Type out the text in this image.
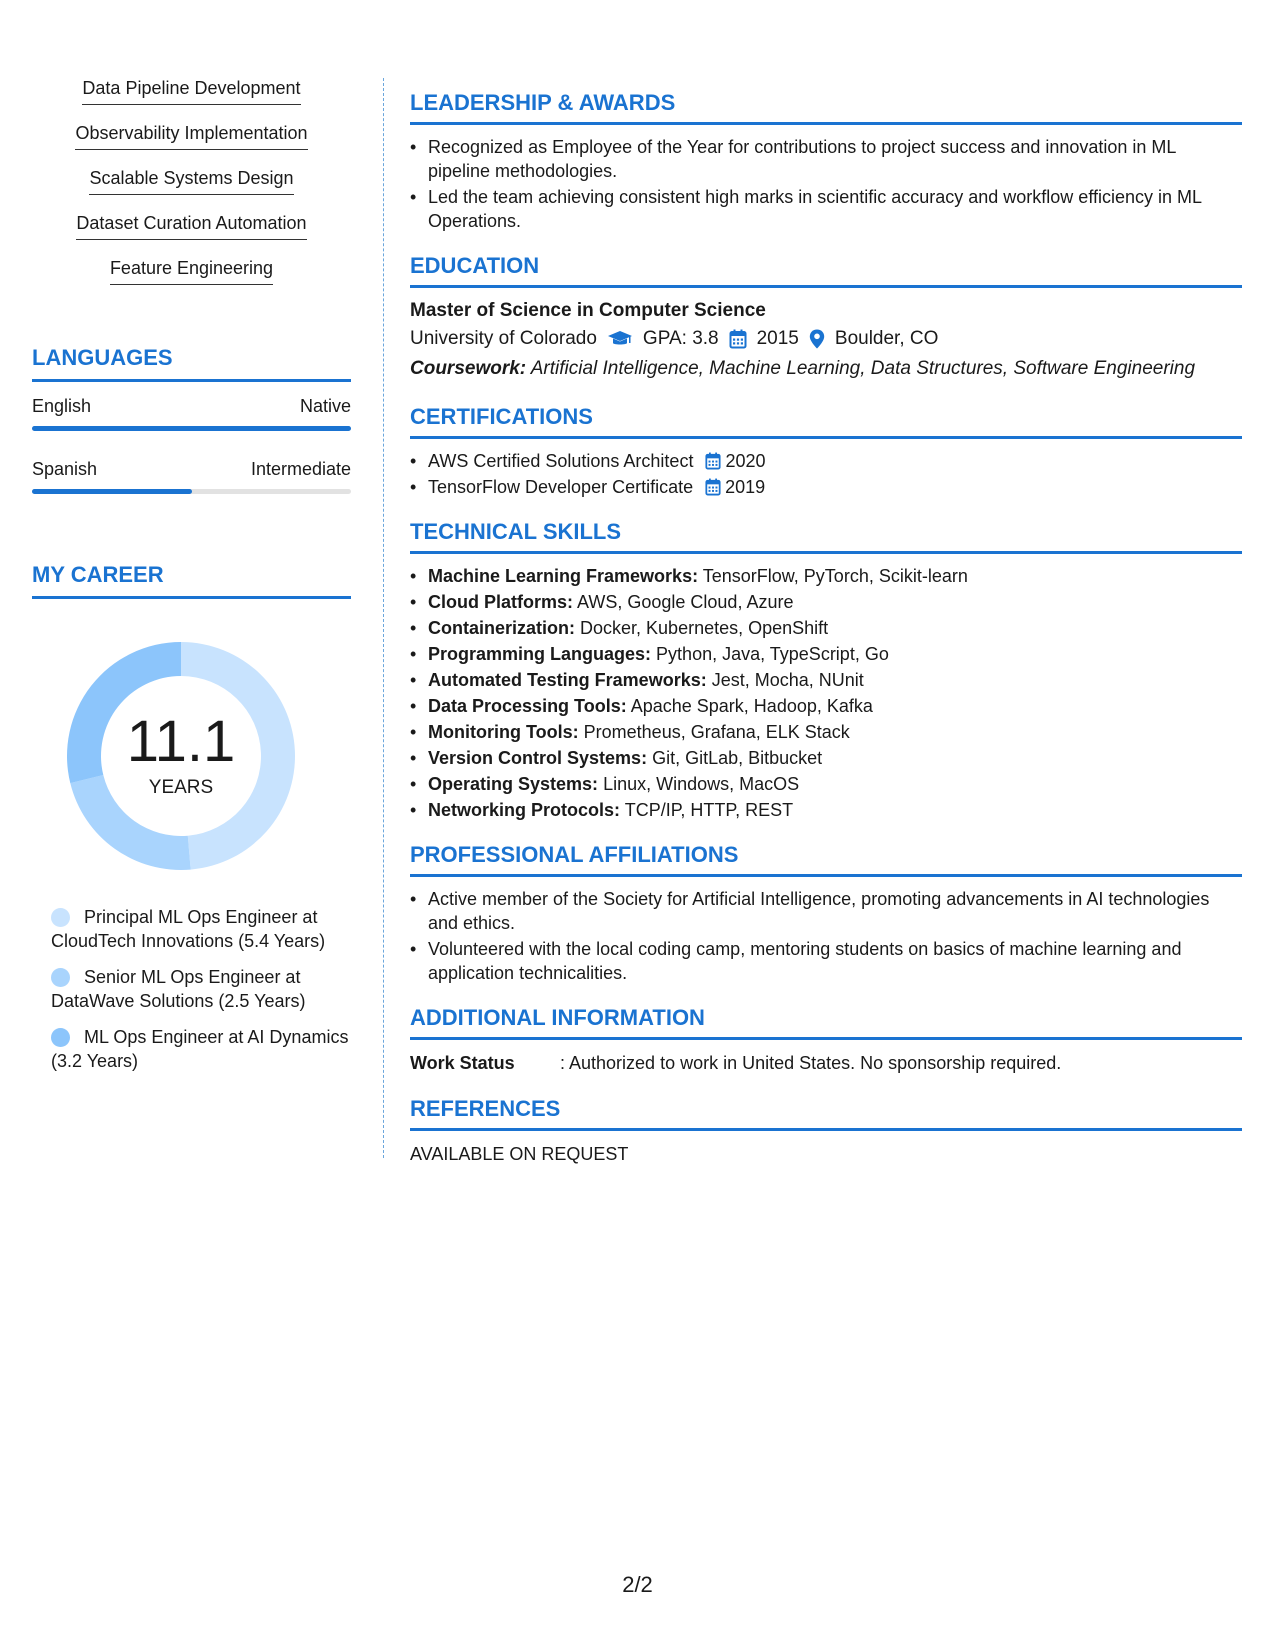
Data Pipeline Development
Observability Implementation
Scalable Systems Design
Dataset Curation Automation
Feature Engineering
LANGUAGES
English	Native
Spanish	Intermediate
MY CAREER
11.1
YEARS
Principal ML Ops Engineer at CloudTech Innovations (5.4 Years)
Senior ML Ops Engineer at DataWave Solutions (2.5 Years)
ML Ops Engineer at AI Dynamics (3.2 Years)
LEADERSHIP & AWARDS
• Recognized as Employee of the Year for contributions to project success and innovation in ML pipeline methodologies.
• Led the team achieving consistent high marks in scientific accuracy and workflow efficiency in ML Operations.
EDUCATION
Master of Science in Computer Science
University of Colorado GPA: 3.8 2015 Boulder, CO
Coursework: Artificial Intelligence, Machine Learning, Data Structures, Software Engineering
CERTIFICATIONS
• AWS Certified Solutions Architect 2020
• TensorFlow Developer Certificate 2019
TECHNICAL SKILLS
• Machine Learning Frameworks: TensorFlow, PyTorch, Scikit-learn
• Cloud Platforms: AWS, Google Cloud, Azure
• Containerization: Docker, Kubernetes, OpenShift
• Programming Languages: Python, Java, TypeScript, Go
• Automated Testing Frameworks: Jest, Mocha, NUnit
• Data Processing Tools: Apache Spark, Hadoop, Kafka
• Monitoring Tools: Prometheus, Grafana, ELK Stack
• Version Control Systems: Git, GitLab, Bitbucket
• Operating Systems: Linux, Windows, MacOS
• Networking Protocols: TCP/IP, HTTP, REST
PROFESSIONAL AFFILIATIONS
• Active member of the Society for Artificial Intelligence, promoting advancements in AI technologies and ethics.
• Volunteered with the local coding camp, mentoring students on basics of machine learning and application technicalities.
ADDITIONAL INFORMATION
Work Status	: Authorized to work in United States. No sponsorship required.
REFERENCES
AVAILABLE ON REQUEST
2/2
